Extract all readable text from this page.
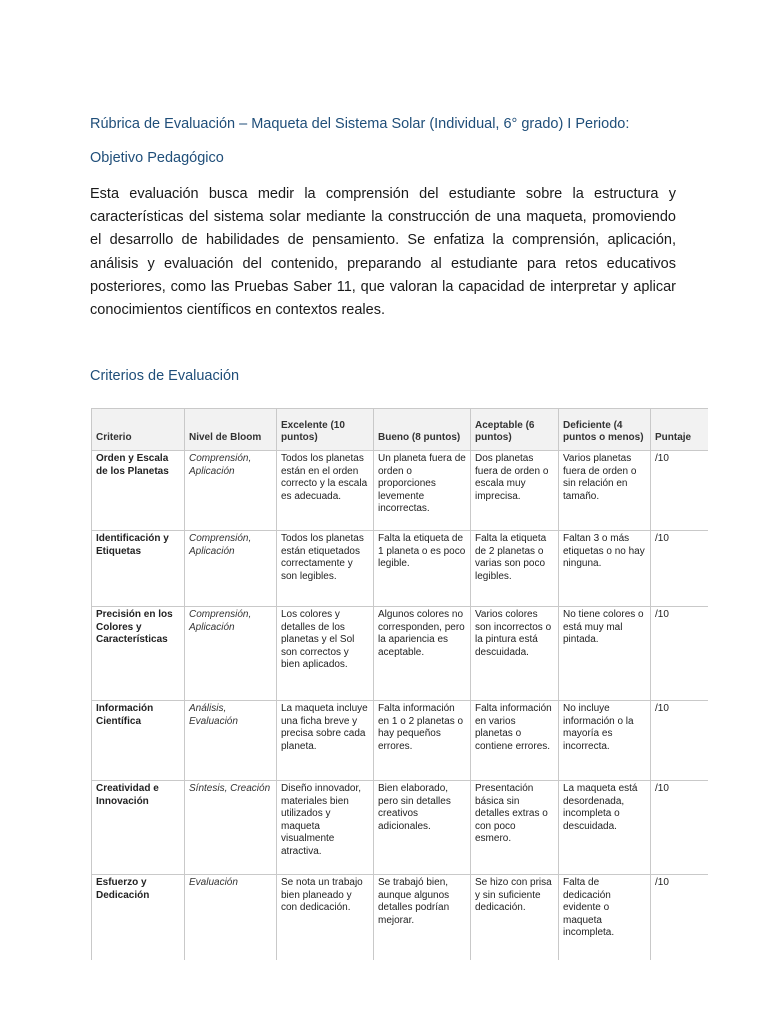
Rúbrica de Evaluación – Maqueta del Sistema Solar (Individual, 6° grado) I Periodo:
Objetivo Pedagógico

Esta evaluación busca medir la comprensión del estudiante sobre la estructura y características del sistema solar mediante la construcción de una maqueta, promoviendo el desarrollo de habilidades de pensamiento. Se enfatiza la comprensión, aplicación, análisis y evaluación del contenido, preparando al estudiante para retos educativos posteriores, como las Pruebas Saber 11, que valoran la capacidad de interpretar y aplicar conocimientos científicos en contextos reales.

Criterios de Evaluación
Criterio	Nivel de Bloom	Excelente (10 puntos)	Bueno (8 puntos)	Aceptable (6 puntos)	Deficiente (4 puntos o menos)	Puntaje
Orden y Escala de los Planetas	Comprensión, Aplicación	Todos los planetas están en el orden correcto y la escala es adecuada.	Un planeta fuera de orden o proporciones levemente incorrectas.	Dos planetas fuera de orden o escala muy imprecisa.	Varios planetas fuera de orden o sin relación en tamaño.	/10
Identificación y Etiquetas	Comprensión, Aplicación	Todos los planetas están etiquetados correctamente y son legibles.	Falta la etiqueta de 1 planeta o es poco legible.	Falta la etiqueta de 2 planetas o varias son poco legibles.	Faltan 3 o más etiquetas o no hay ninguna.	/10
Precisión en los Colores y Características	Comprensión, Aplicación	Los colores y detalles de los planetas y el Sol son correctos y bien aplicados.	Algunos colores no corresponden, pero la apariencia es aceptable.	Varios colores son incorrectos o la pintura está descuidada.	No tiene colores o está muy mal pintada.	/10
Información Científica	Análisis, Evaluación	La maqueta incluye una ficha breve y precisa sobre cada planeta.	Falta información en 1 o 2 planetas o hay pequeños errores.	Falta información en varios planetas o contiene errores.	No incluye información o la mayoría es incorrecta.	/10
Creatividad e Innovación	Síntesis, Creación	Diseño innovador, materiales bien utilizados y maqueta visualmente atractiva.	Bien elaborado, pero sin detalles creativos adicionales.	Presentación básica sin detalles extras o con poco esmero.	La maqueta está desordenada, incompleta o descuidada.	/10
Esfuerzo y Dedicación	Evaluación	Se nota un trabajo bien planeado y con dedicación.	Se trabajó bien, aunque algunos detalles podrían mejorar.	Se hizo con prisa y sin suficiente dedicación.	Falta de dedicación evidente o maqueta incompleta.	/10
